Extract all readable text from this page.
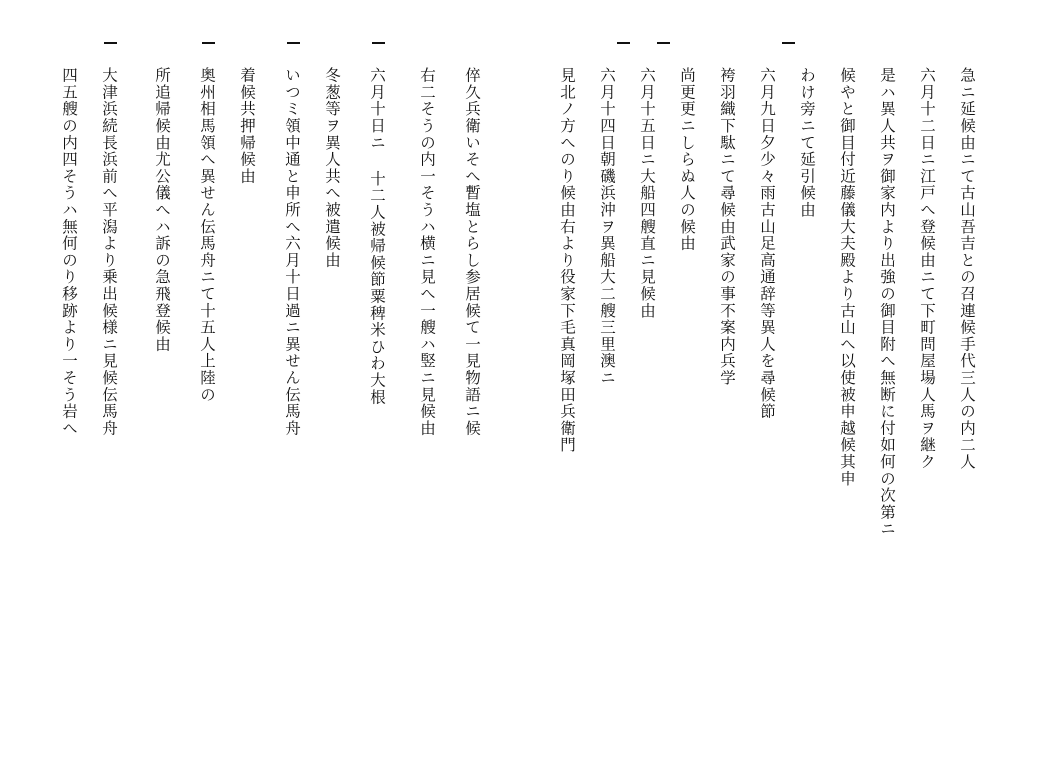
急ニ延候由ニて古山吾吉との召連候手代三人の内二人
六月十二日ニ江戸へ登候由ニて下町問屋場人馬ヲ継ク
是ハ異人共ヲ御家内より出強の御目附へ無断に付如何の次第ニ
候やと御目付近藤儀大夫殿より古山へ以使被申越候其申
わけ旁ニて延引候由
六月九日夕少々雨古山足高通辞等異人を尋候節
袴羽織下駄ニて尋候由武家の事不案内兵学
尚更更ニしらぬ人の候由
六月十五日ニ大船四艘直ニ見候由
六月十四日朝磯浜沖ヲ異船大二艘三里澳ニ
見北ノ方へのり候由右より役家下毛真岡塚田兵衛門
倅久兵衛いそへ暫塩とらし参居候て一見物語ニ候
右二そうの内一そうハ横ニ見へ一艘ハ竪ニ見候由
六月十日ニ 十二人被帰候節粟稗米ひわ大根
冬葱等ヲ異人共へ被遣候由
いつミ領中通と申所へ六月十日過ニ異せん伝馬舟
着候共押帰候由
奥州相馬領へ異せん伝馬舟ニて十五人上陸の
所追帰候由尤公儀へハ訴の急飛登候由
大津浜続長浜前へ平潟より乗出候様ニ見候伝馬舟
四五艘の内四そうハ無何のり移跡より一そう岩へ
